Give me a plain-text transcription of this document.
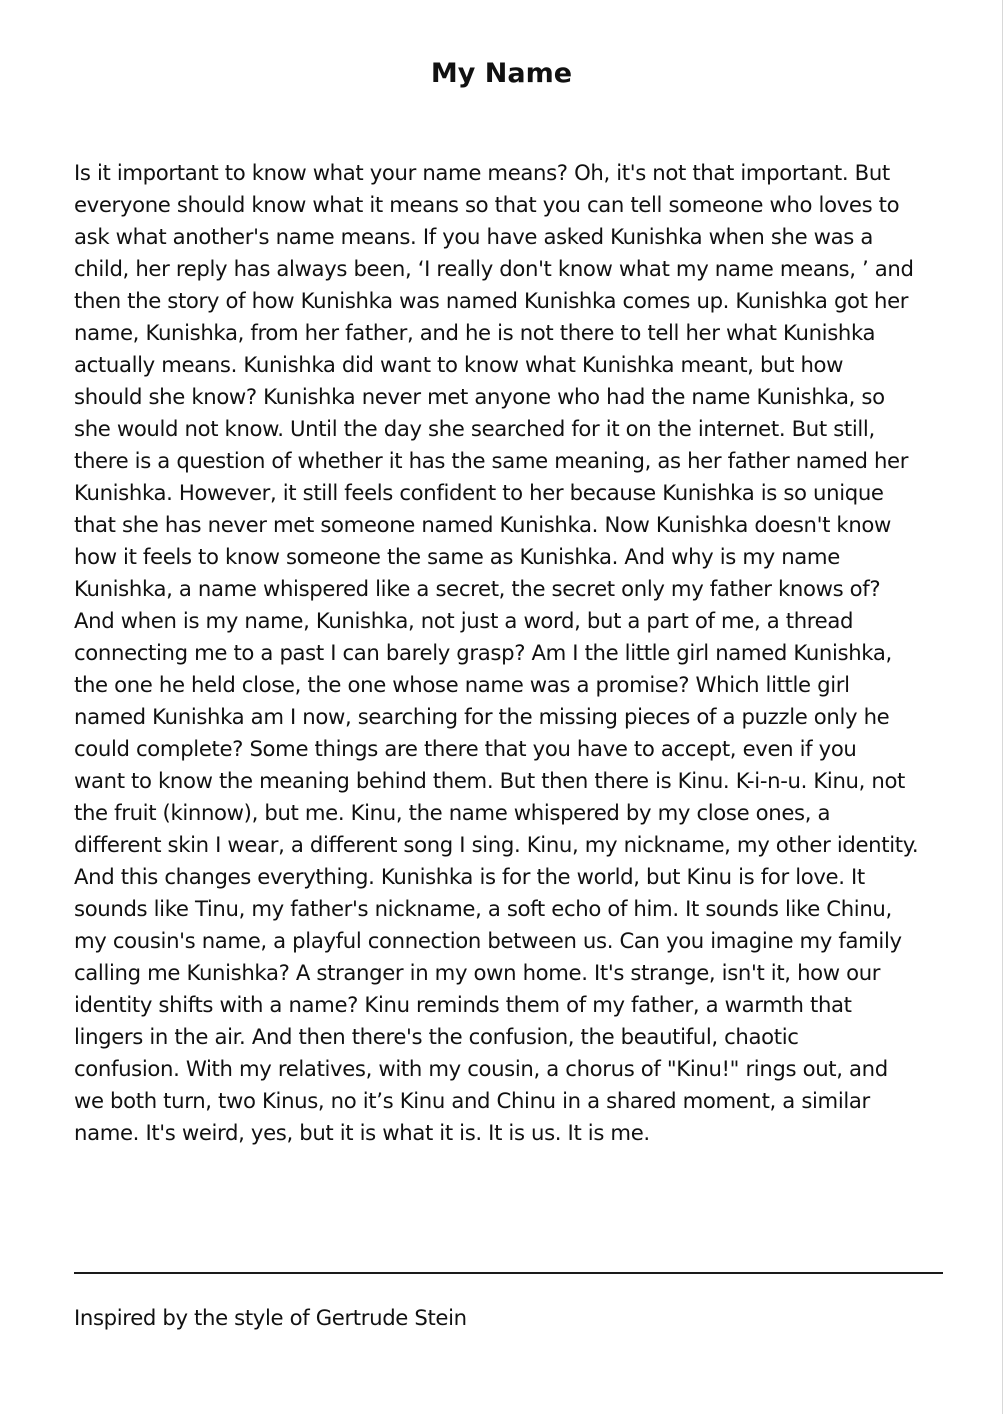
My Name
Is it important to know what your name means? Oh, it's not that important. But
everyone should know what it means so that you can tell someone who loves to
ask what another's name means. If you have asked Kunishka when she was a
child, her reply has always been, ‘I really don't know what my name means, ’ and
then the story of how Kunishka was named Kunishka comes up. Kunishka got her
name, Kunishka, from her father, and he is not there to tell her what Kunishka
actually means. Kunishka did want to know what Kunishka meant, but how
should she know? Kunishka never met anyone who had the name Kunishka, so
she would not know. Until the day she searched for it on the internet. But still,
there is a question of whether it has the same meaning, as her father named her
Kunishka. However, it still feels confident to her because Kunishka is so unique
that she has never met someone named Kunishka. Now Kunishka doesn't know
how it feels to know someone the same as Kunishka. And why is my name
Kunishka, a name whispered like a secret, the secret only my father knows of?
And when is my name, Kunishka, not just a word, but a part of me, a thread
connecting me to a past I can barely grasp? Am I the little girl named Kunishka,
the one he held close, the one whose name was a promise? Which little girl
named Kunishka am I now, searching for the missing pieces of a puzzle only he
could complete? Some things are there that you have to accept, even if you
want to know the meaning behind them. But then there is Kinu. K-i-n-u. Kinu, not
the fruit (kinnow), but me. Kinu, the name whispered by my close ones, a
different skin I wear, a different song I sing. Kinu, my nickname, my other identity.
And this changes everything. Kunishka is for the world, but Kinu is for love. It
sounds like Tinu, my father's nickname, a soft echo of him. It sounds like Chinu,
my cousin's name, a playful connection between us. Can you imagine my family
calling me Kunishka? A stranger in my own home. It's strange, isn't it, how our
identity shifts with a name? Kinu reminds them of my father, a warmth that
lingers in the air. And then there's the confusion, the beautiful, chaotic
confusion. With my relatives, with my cousin, a chorus of "Kinu!" rings out, and
we both turn, two Kinus, no it’s Kinu and Chinu in a shared moment, a similar
name. It's weird, yes, but it is what it is. It is us. It is me.

Inspired by the style of Gertrude Stein
